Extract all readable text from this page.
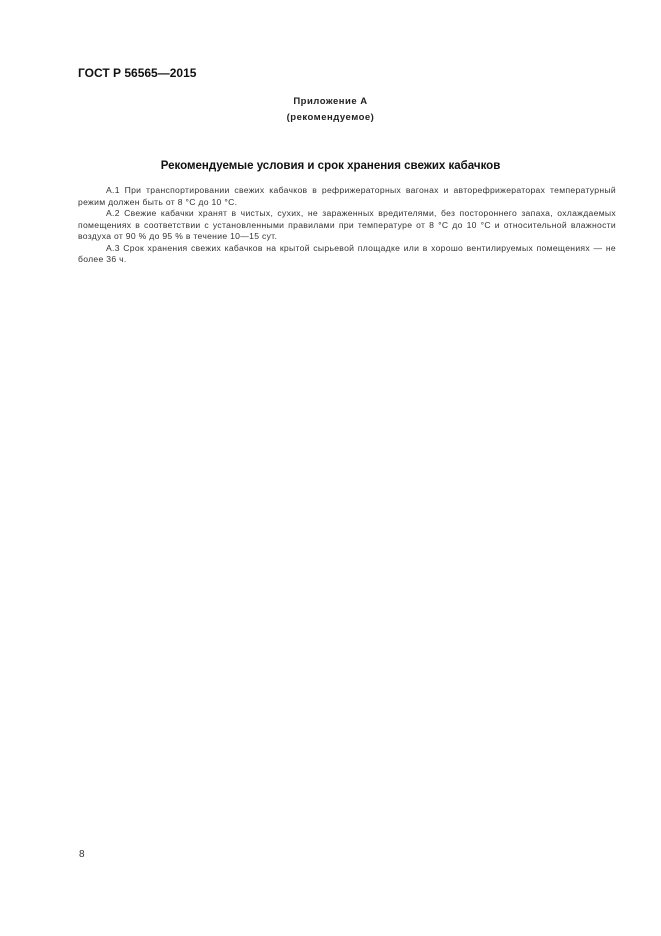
ГОСТ Р 56565—2015
Приложение А
(рекомендуемое)
Рекомендуемые условия и срок хранения свежих кабачков

А.1 При транспортировании свежих кабачков в рефрижераторных вагонах и авторефрижераторах температурный режим должен быть от 8 °С до 10 °С.

А.2 Свежие кабачки хранят в чистых, сухих, не зараженных вредителями, без постороннего запаха, охлаждаемых помещениях в соответствии с установленными правилами при температуре от 8 °С до 10 °С и относительной влажности воздуха от 90 % до 95 % в течение 10—15 сут.

А.3 Срок хранения свежих кабачков на крытой сырьевой площадке или в хорошо вентилируемых помещениях — не более 36 ч.

8
